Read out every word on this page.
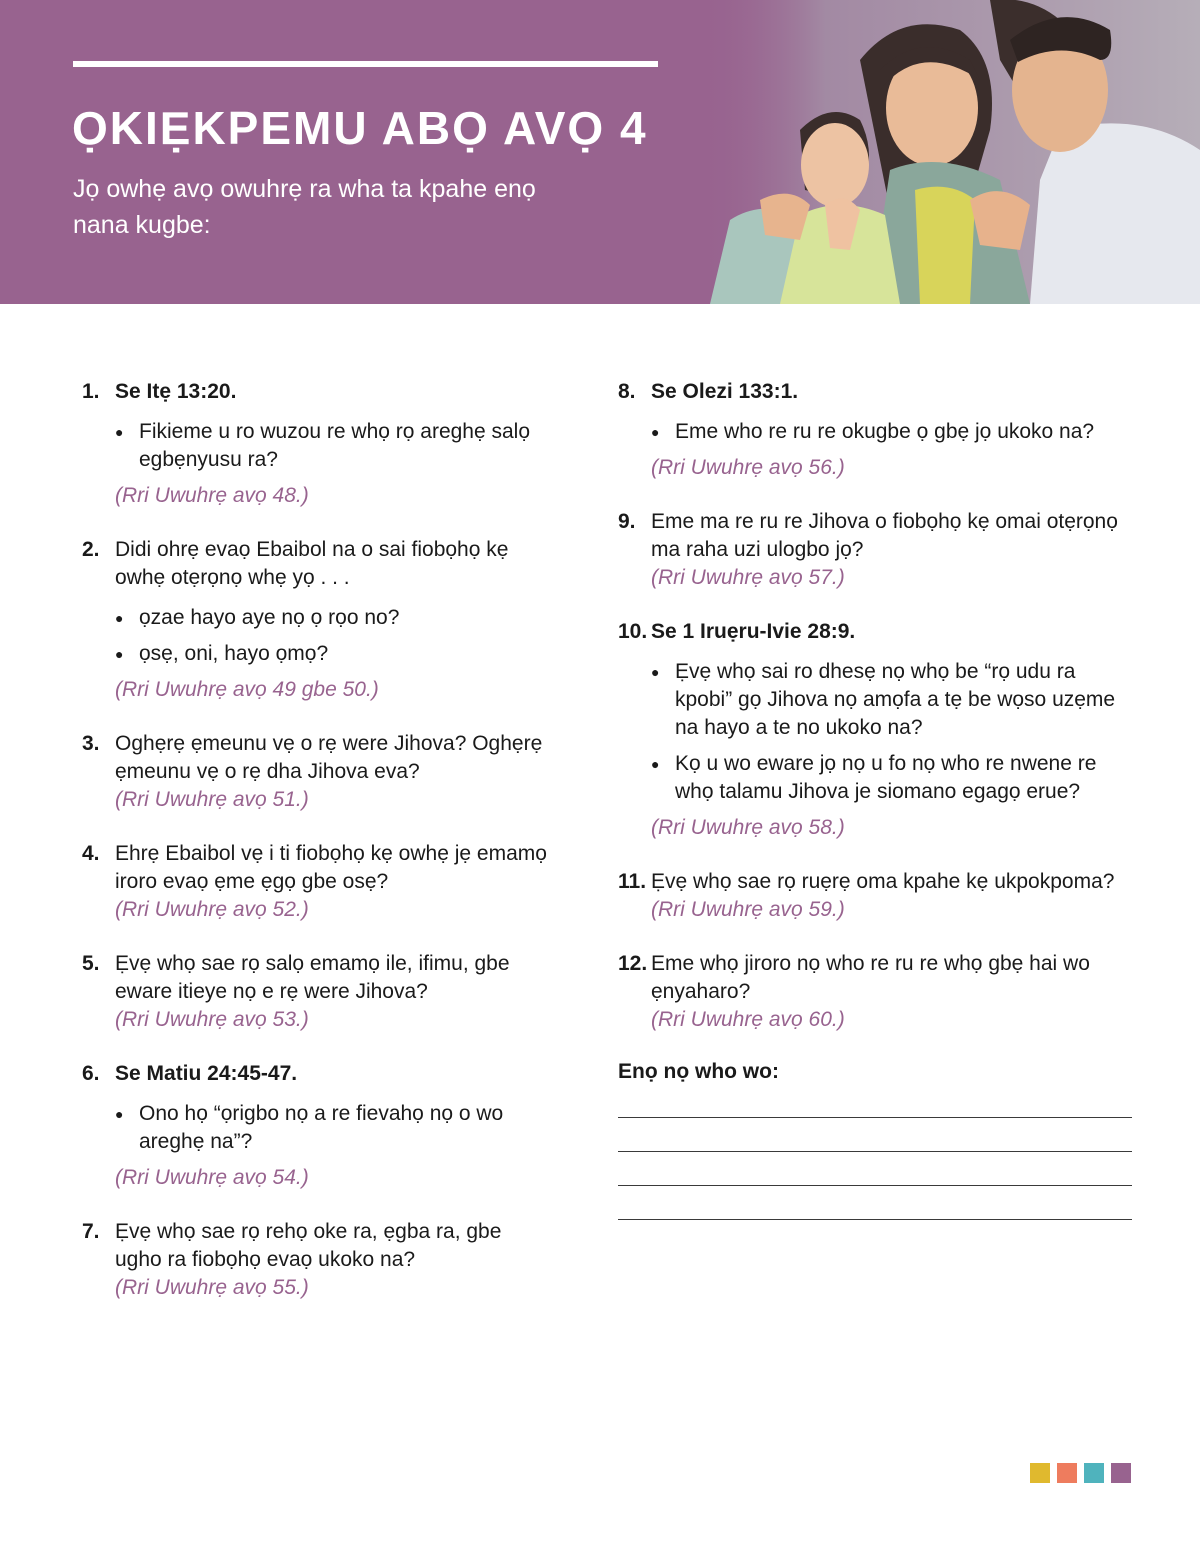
ỌKIẸKPEMU ABỌ AVỌ 4

Jọ owhẹ avọ owuhrẹ ra wha ta kpahe enọ nana kugbe:

1. Se Itẹ 13:20.
● Fikieme u ro wuzou re whọ rọ areghẹ salọ egbẹnyusu ra?
(Rri Uwuhrẹ avọ 48.)
2. Didi ohrẹ evaọ Ebaibol na o sai fiobọhọ kẹ owhẹ otẹrọnọ whẹ yọ . . .
● ọzae hayo aye nọ ọ rọo no?
● ọsẹ, oni, hayo ọmọ?
(Rri Uwuhrẹ avọ 49 gbe 50.)
3. Oghẹrẹ ẹmeunu vẹ o rẹ were Jihova? Oghẹrẹ ẹmeunu vẹ o rẹ dha Jihova eva?
(Rri Uwuhrẹ avọ 51.)
4. Ehrẹ Ebaibol vẹ i ti fiobọhọ kẹ owhẹ jẹ emamọ iroro evaọ ẹme ẹgọ gbe osẹ?
(Rri Uwuhrẹ avọ 52.)
5. Ẹvẹ whọ sae rọ salọ emamọ ile, ifimu, gbe eware itieye nọ e rẹ were Jihova?
(Rri Uwuhrẹ avọ 53.)
6. Se Matiu 24:45-47.
● Ono họ “ọrigbo nọ a re fievahọ nọ o wo areghẹ na”?
(Rri Uwuhrẹ avọ 54.)
7. Ẹvẹ whọ sae rọ rehọ oke ra, ẹgba ra, gbe ugho ra fiobọhọ evaọ ukoko na?
(Rri Uwuhrẹ avọ 55.)
8. Se Olezi 133:1.
● Eme who re ru re okugbe ọ gbẹ jọ ukoko na?
(Rri Uwuhrẹ avọ 56.)
9. Eme ma re ru re Jihova o fiobọhọ kẹ omai otẹrọnọ ma raha uzi ulogbo jọ?
(Rri Uwuhrẹ avọ 57.)
10. Se 1 Iruẹru-Ivie 28:9.
● Ẹvẹ whọ sai ro dhesẹ nọ whọ be “rọ udu ra kpobi” gọ Jihova nọ amọfa a tẹ be wọso uzẹme na hayo a te no ukoko na?
● Kọ u wo eware jọ nọ u fo nọ who re nwene re whọ talamu Jihova je siomano egagọ erue?
(Rri Uwuhrẹ avọ 58.)
11. Ẹvẹ whọ sae rọ ruẹrẹ oma kpahe kẹ ukpokpoma?
(Rri Uwuhrẹ avọ 59.)
12. Eme whọ jiroro nọ who re ru re whọ gbẹ hai wo ẹnyaharo?
(Rri Uwuhrẹ avọ 60.)
Enọ nọ who wo:
